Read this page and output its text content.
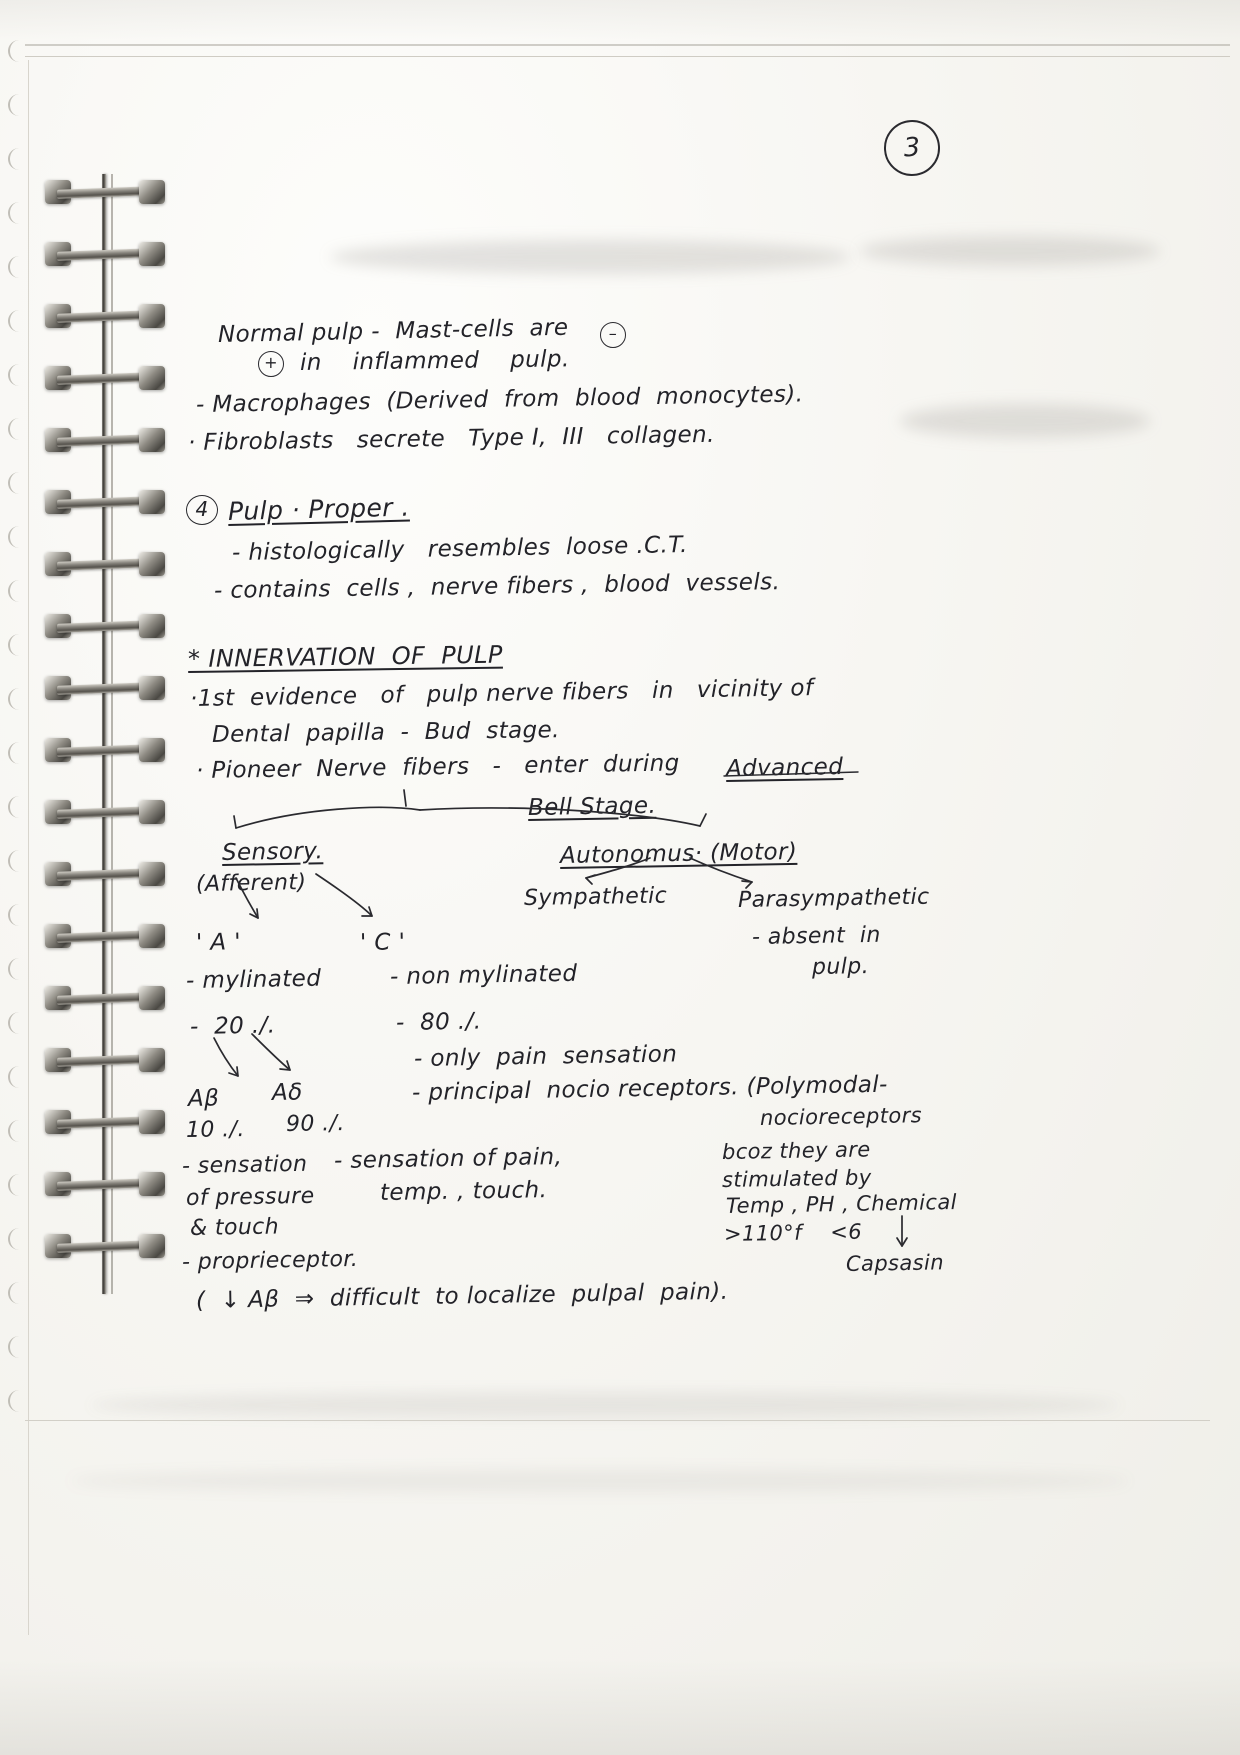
3
Normal pulp -  Mast-cells  are	–
in    inflammed    pulp.
+
- Macrophages  (Derived  from  blood  monocytes).
· Fibroblasts   secrete   Type I,  III   collagen.
Pulp · Proper .
4
- histologically   resembles  loose .C.T.
- contains  cells ,  nerve fibers ,  blood  vessels.
* INNERVATION  OF  PULP
·1st  evidence   of   pulp nerve fibers   in   vicinity of
Dental  papilla  -  Bud  stage.
· Pioneer  Nerve  fibers   -   enter  during Advanced
Bell Stage.
Sensory.
(Afferent)
Autonomus· (Motor)
Sympathetic	Parasympathetic
- absent  in
pulp.
' A '	' C '
- mylinated	- non mylinated
-  20 ./.	-  80 ./.
- only  pain  sensation
- principal  nocio receptors. (Polymodal-
nocioreceptors
Aβ Aδ
10 ./. 90 ./.
- sensation
of pressure
& touch
- proprieceptor.
- sensation of pain,
temp. , touch.
bcoz they are
stimulated by
Temp , PH , Chemical
>110°f    <6
Capsasin
(  ↓ Aβ  ⇒  difficult  to localize  pulpal  pain).
